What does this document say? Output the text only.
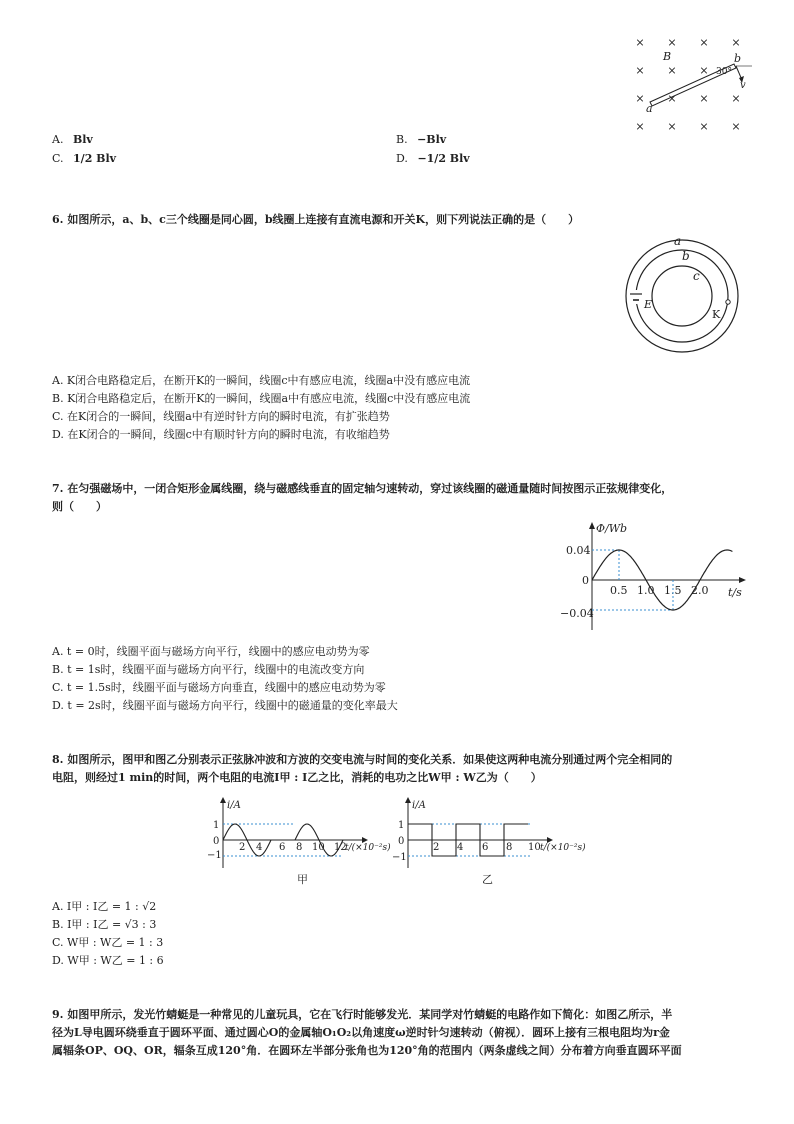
× × × ×
× × ×
× × × ×
× × × ×
B
a
b
30°
v
A. Blv	B. −Blv
C. 1/2 Blv	D. −1/2 Blv
6. 如图所示，a、b、c三个线圈是同心圆，b线圈上连接有直流电源和开关K，则下列说法正确的是（　　）
a
b
c
E
K
A. K闭合电路稳定后，在断开K的一瞬间，线圈c中有感应电流，线圈a中没有感应电流
B. K闭合电路稳定后，在断开K的一瞬间，线圈a中有感应电流，线圈c中没有感应电流
C. 在K闭合的一瞬间，线圈a中有逆时针方向的瞬时电流，有扩张趋势
D. 在K闭合的一瞬间，线圈c中有顺时针方向的瞬时电流，有收缩趋势
7. 在匀强磁场中，一闭合矩形金属线圈，绕与磁感线垂直的固定轴匀速转动，穿过该线圈的磁通量随时间按图示正弦规律变化，
则（　　）
Φ/Wb
t/s
0.04
0
−0.04
0.5 1.0 1.5 2.0
A. t = 0时，线圈平面与磁场方向平行，线圈中的感应电动势为零
B. t = 1s时，线圈平面与磁场方向平行，线圈中的电流改变方向
C. t = 1.5s时，线圈平面与磁场方向垂直，线圈中的感应电动势为零
D. t = 2s时，线圈平面与磁场方向平行，线圈中的磁通量的变化率最大
8. 如图所示，图甲和图乙分别表示正弦脉冲波和方波的交变电流与时间的变化关系．如果使这两种电流分别通过两个完全相同的
电阻，则经过1 min的时间，两个电阻的电流I甲 : I乙之比，消耗的电功之比W甲 : W乙为（　　）
i/A
1
0
−1
2 4 6 8 10 12
t/(×10⁻²s)
甲
i/A
1
0
−1
2 4 6 8 10 t/(×10⁻²s)
乙
A. I甲 : I乙 = 1 : √2
B. I甲 : I乙 = √3 : 3
C. W甲 : W乙 = 1 : 3
D. W甲 : W乙 = 1 : 6
9. 如图甲所示，发光竹蜻蜓是一种常见的儿童玩具，它在飞行时能够发光．某同学对竹蜻蜓的电路作如下简化：如图乙所示，半
径为L导电圆环绕垂直于圆环平面、通过圆心O的金属轴O₁O₂以角速度ω逆时针匀速转动（俯视）．圆环上接有三根电阻均为r金
属辐条OP、OQ、OR，辐条互成120°角．在圆环左半部分张角也为120°角的范围内（两条虚线之间）分布着方向垂直圆环平面
